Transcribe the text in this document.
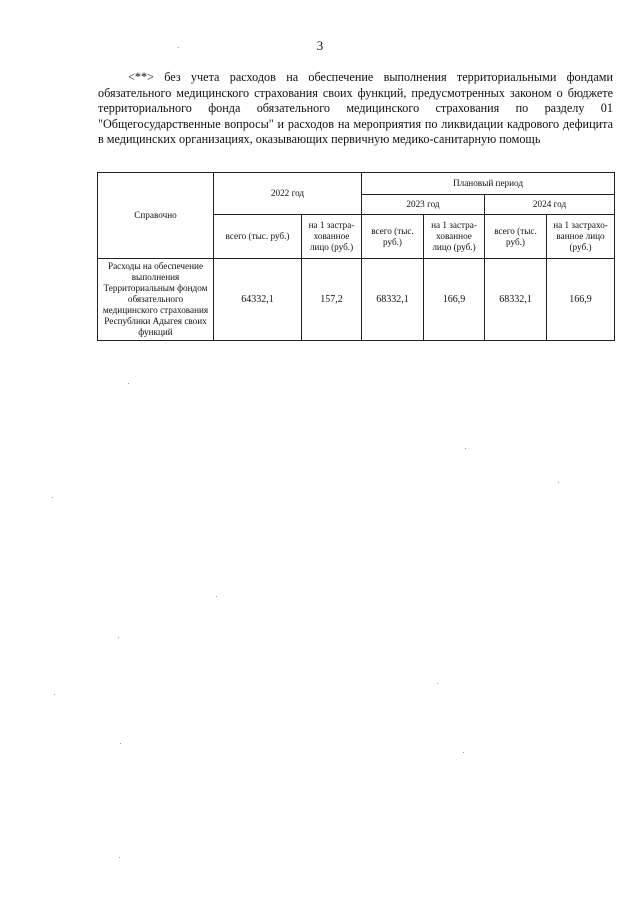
3

<**> без учета расходов на обеспечение выполнения территориальными фондами обязательного медицинского страхования своих функций, предусмотренных законом о бюджете территориального фонда обязательного медицинского страхования по разделу 01 "Общегосударственные вопросы" и расходов на мероприятия по ликвидации кадрового дефицита в медицинских организациях, оказывающих первичную медико-санитарную помощь

Справочно	2022 год		Плановый период			
			2023 год		2024 год	
	всего (тыс. руб.)	на 1 застра-хованное лицо (руб.)	всего (тыс. руб.)	на 1 застра-хованное лицо (руб.)	всего (тыс. руб.)	на 1 застрахо-ванное лицо (руб.)
Расходы на обеспечение выполнения Территориальным фондом обязательного медицинского страхования Республики Адыгея своих функций	64332,1	157,2	68332,1	166,9	68332,1	166,9
